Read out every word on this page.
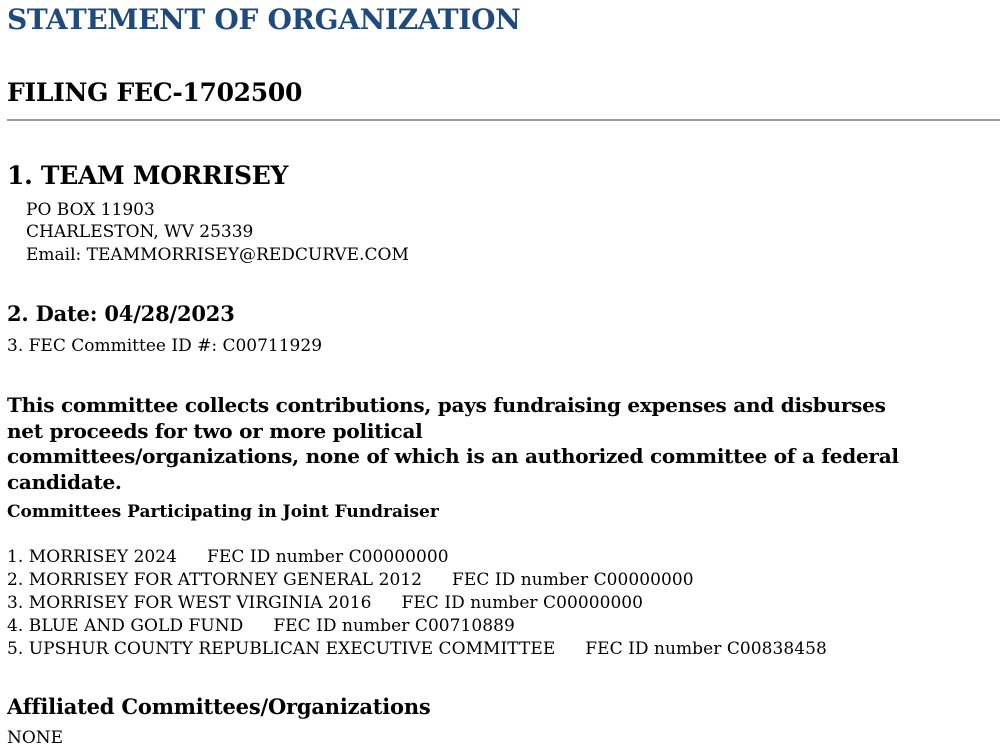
STATEMENT OF ORGANIZATION
FILING FEC-1702500
1. TEAM MORRISEY
PO BOX 11903
CHARLESTON, WV 25339
Email: TEAMMORRISEY@REDCURVE.COM
2. Date: 04/28/2023
3. FEC Committee ID #: C00711929
This committee collects contributions, pays fundraising expenses and disburses
net proceeds for two or more political
committees/organizations, none of which is an authorized committee of a federal
candidate.
Committees Participating in Joint Fundraiser
1. MORRISEY 2024 FEC ID number C00000000
2. MORRISEY FOR ATTORNEY GENERAL 2012 FEC ID number C00000000
3. MORRISEY FOR WEST VIRGINIA 2016 FEC ID number C00000000
4. BLUE AND GOLD FUND FEC ID number C00710889
5. UPSHUR COUNTY REPUBLICAN EXECUTIVE COMMITTEE FEC ID number C00838458
Affiliated Committees/Organizations
NONE
